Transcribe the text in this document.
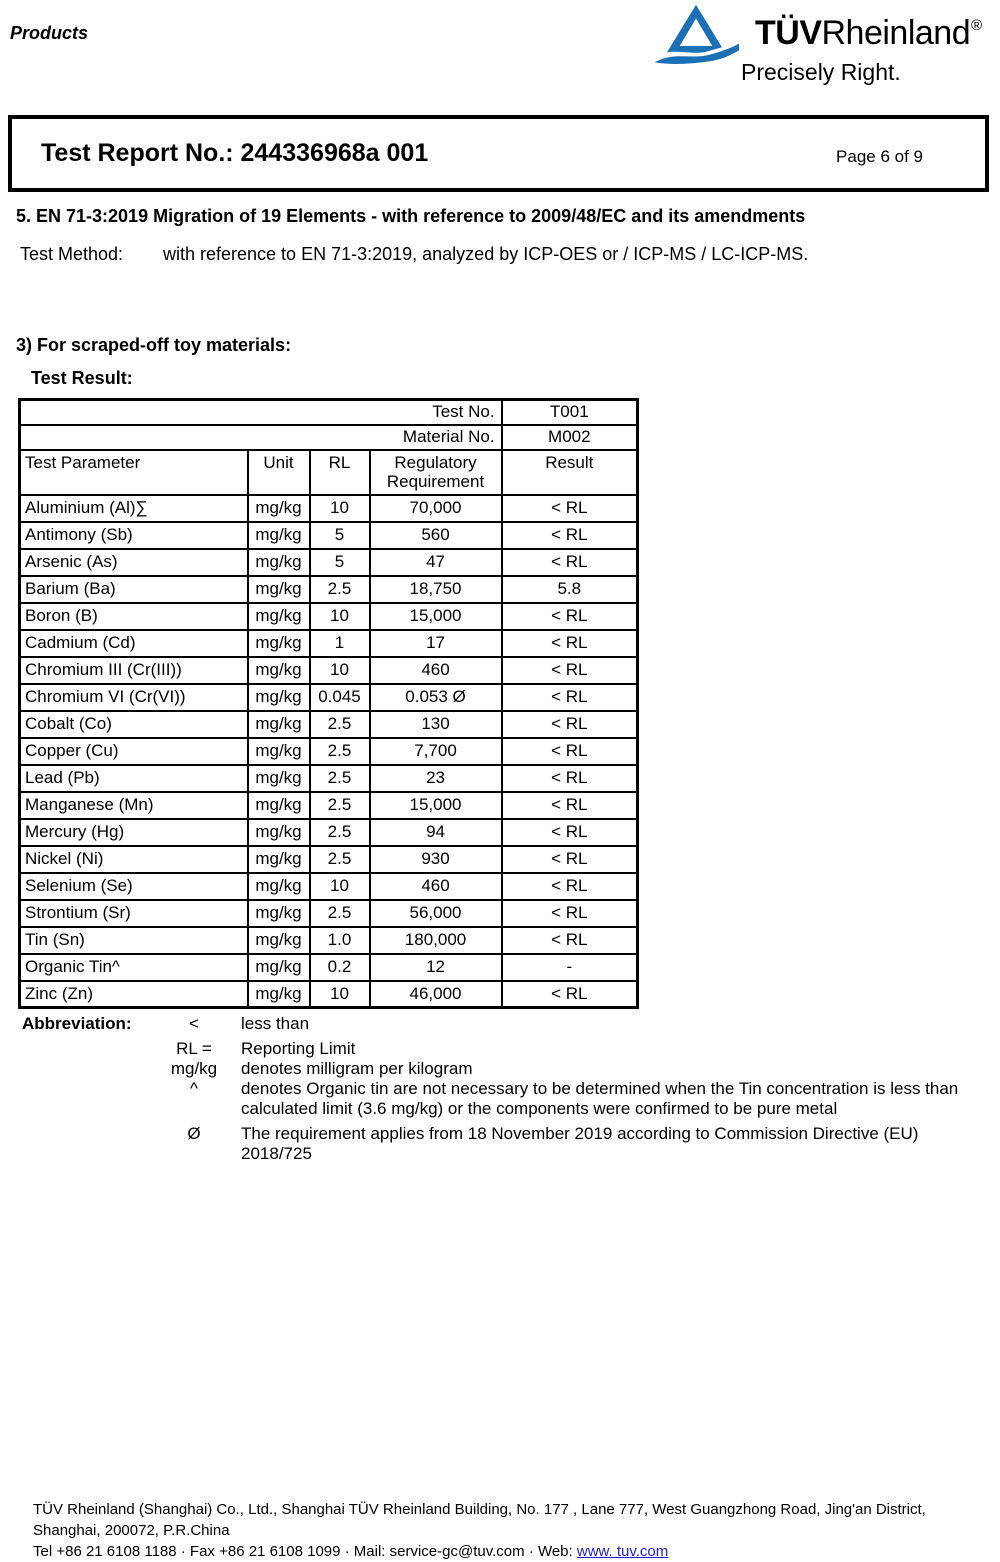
Products	TÜVRheinland®
Precisely Right.
Test Report No.: 244336968a 001	Page 6 of 9
5. EN 71-3:2019 Migration of 19 Elements - with reference to 2009/48/EC and its amendments
Test Method: with reference to EN 71-3:2019, analyzed by ICP-OES or / ICP-MS / LC-ICP-MS.
3) For scraped-off toy materials:
Test Result:
Test No.				T001
Material No.				M002
Test Parameter	Unit	RL	Regulatory Requirement	Result
Aluminium (Al)∑	mg/kg	10	70,000	< RL
Antimony (Sb)	mg/kg	5	560	< RL
Arsenic (As)	mg/kg	5	47	< RL
Barium (Ba)	mg/kg	2.5	18,750	5.8
Boron (B)	mg/kg	10	15,000	< RL
Cadmium (Cd)	mg/kg	1	17	< RL
Chromium III (Cr(III))	mg/kg	10	460	< RL
Chromium VI (Cr(VI))	mg/kg	0.045	0.053 Ø	< RL
Cobalt (Co)	mg/kg	2.5	130	< RL
Copper (Cu)	mg/kg	2.5	7,700	< RL
Lead (Pb)	mg/kg	2.5	23	< RL
Manganese (Mn)	mg/kg	2.5	15,000	< RL
Mercury (Hg)	mg/kg	2.5	94	< RL
Nickel (Ni)	mg/kg	2.5	930	< RL
Selenium (Se)	mg/kg	10	460	< RL
Strontium (Sr)	mg/kg	2.5	56,000	< RL
Tin (Sn)	mg/kg	1.0	180,000	< RL
Organic Tin^	mg/kg	0.2	12	-
Zinc (Zn)	mg/kg	10	46,000	< RL
Abbreviation:	<	less than
RL =	Reporting Limit
mg/kg denotes milligram per kilogram
^	denotes Organic tin are not necessary to be determined when the Tin concentration is less than calculated limit (3.6 mg/kg) or the components were confirmed to be pure metal
Ø	The requirement applies from 18 November 2019 according to Commission Directive (EU) 2018/725
TÜV Rheinland (Shanghai) Co., Ltd., Shanghai TÜV Rheinland Building, No. 177 , Lane 777, West Guangzhong Road, Jing'an District,
Shanghai, 200072, P.R.China
Tel +86 21 6108 1188 · Fax +86 21 6108 1099 · Mail: service-gc@tuv.com · Web: www. tuv.com
